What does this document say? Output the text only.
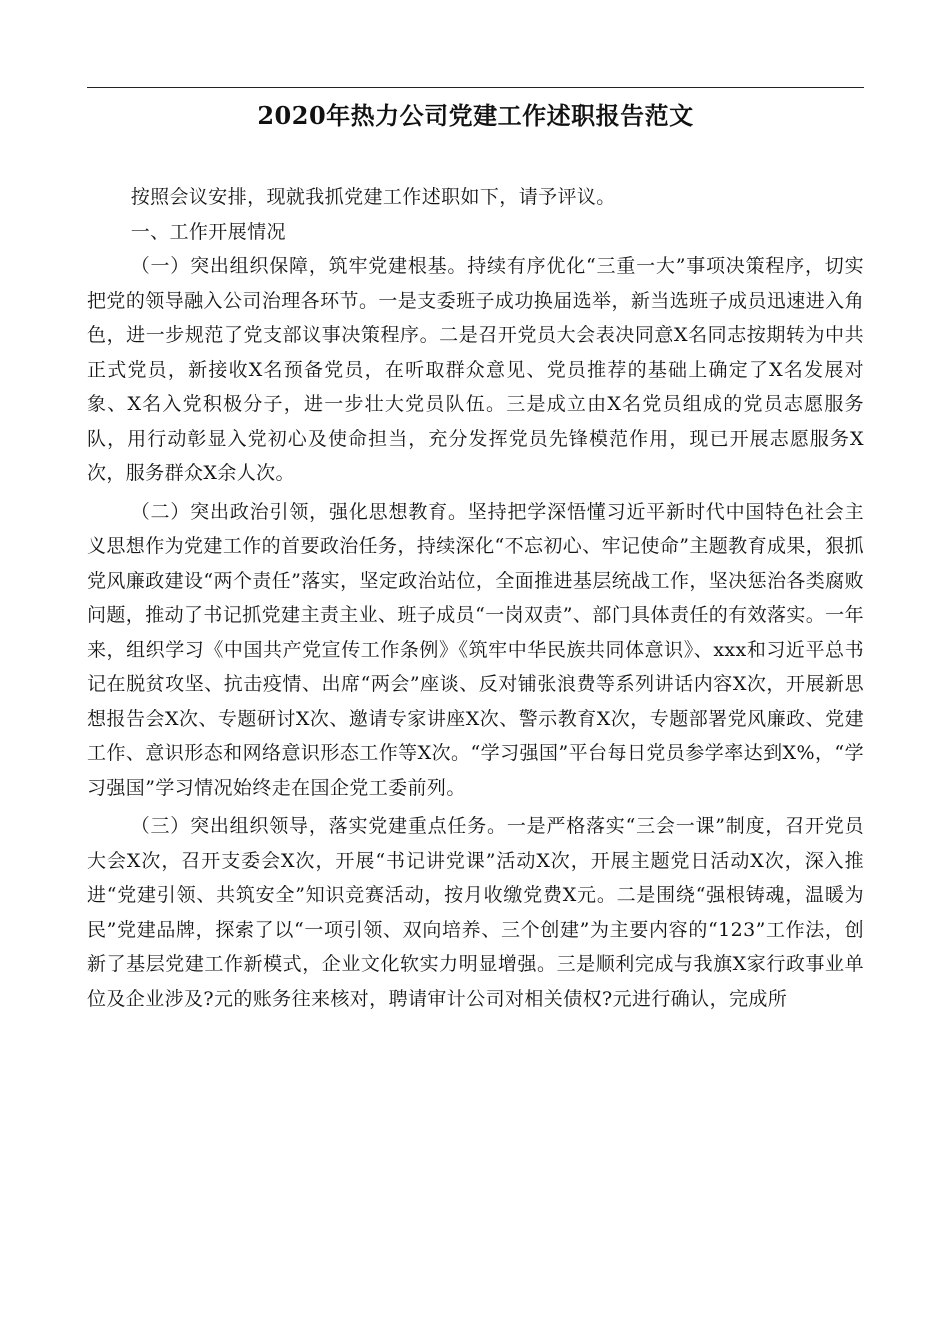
2020年热力公司党建工作述职报告范文

按照会议安排，现就我抓党建工作述职如下，请予评议。

一、工作开展情况

（一）突出组织保障，筑牢党建根基。持续有序优化“三重一大”事项决策程序，切实把党的领导融入公司治理各环节。一是支委班子成功换届选举，新当选班子成员迅速进入角色，进一步规范了党支部议事决策程序。二是召开党员大会表决同意X名同志按期转为中共正式党员，新接收X名预备党员，在听取群众意见、党员推荐的基础上确定了X名发展对象、X名入党积极分子，进一步壮大党员队伍。三是成立由X名党员组成的党员志愿服务队，用行动彰显入党初心及使命担当，充分发挥党员先锋模范作用，现已开展志愿服务X次，服务群众X余人次。

（二）突出政治引领，强化思想教育。坚持把学深悟懂习近平新时代中国特色社会主义思想作为党建工作的首要政治任务，持续深化“不忘初心、牢记使命”主题教育成果，狠抓党风廉政建设“两个责任”落实，坚定政治站位，全面推进基层统战工作，坚决惩治各类腐败问题，推动了书记抓党建主责主业、班子成员“一岗双责”、部门具体责任的有效落实。一年来，组织学习《中国共产党宣传工作条例》《筑牢中华民族共同体意识》、xxx和习近平总书记在脱贫攻坚、抗击疫情、出席“两会”座谈、反对铺张浪费等系列讲话内容X次，开展新思想报告会X次、专题研讨X次、邀请专家讲座X次、警示教育X次，专题部署党风廉政、党建工作、意识形态和网络意识形态工作等X次。“学习强国”平台每日党员参学率达到X%，“学习强国”学习情况始终走在国企党工委前列。

（三）突出组织领导，落实党建重点任务。一是严格落实“三会一课”制度，召开党员大会X次，召开支委会X次，开展“书记讲党课”活动X次，开展主题党日活动X次，深入推进“党建引领、共筑安全”知识竞赛活动，按月收缴党费X元。二是围绕“强根铸魂，温暖为民”党建品牌，探索了以“一项引领、双向培养、三个创建”为主要内容的“123”工作法，创新了基层党建工作新模式，企业文化软实力明显增强。三是顺利完成与我旗X家行政事业单位及企业涉及?元的账务往来核对，聘请审计公司对相关债权?元进行确认，完成所
